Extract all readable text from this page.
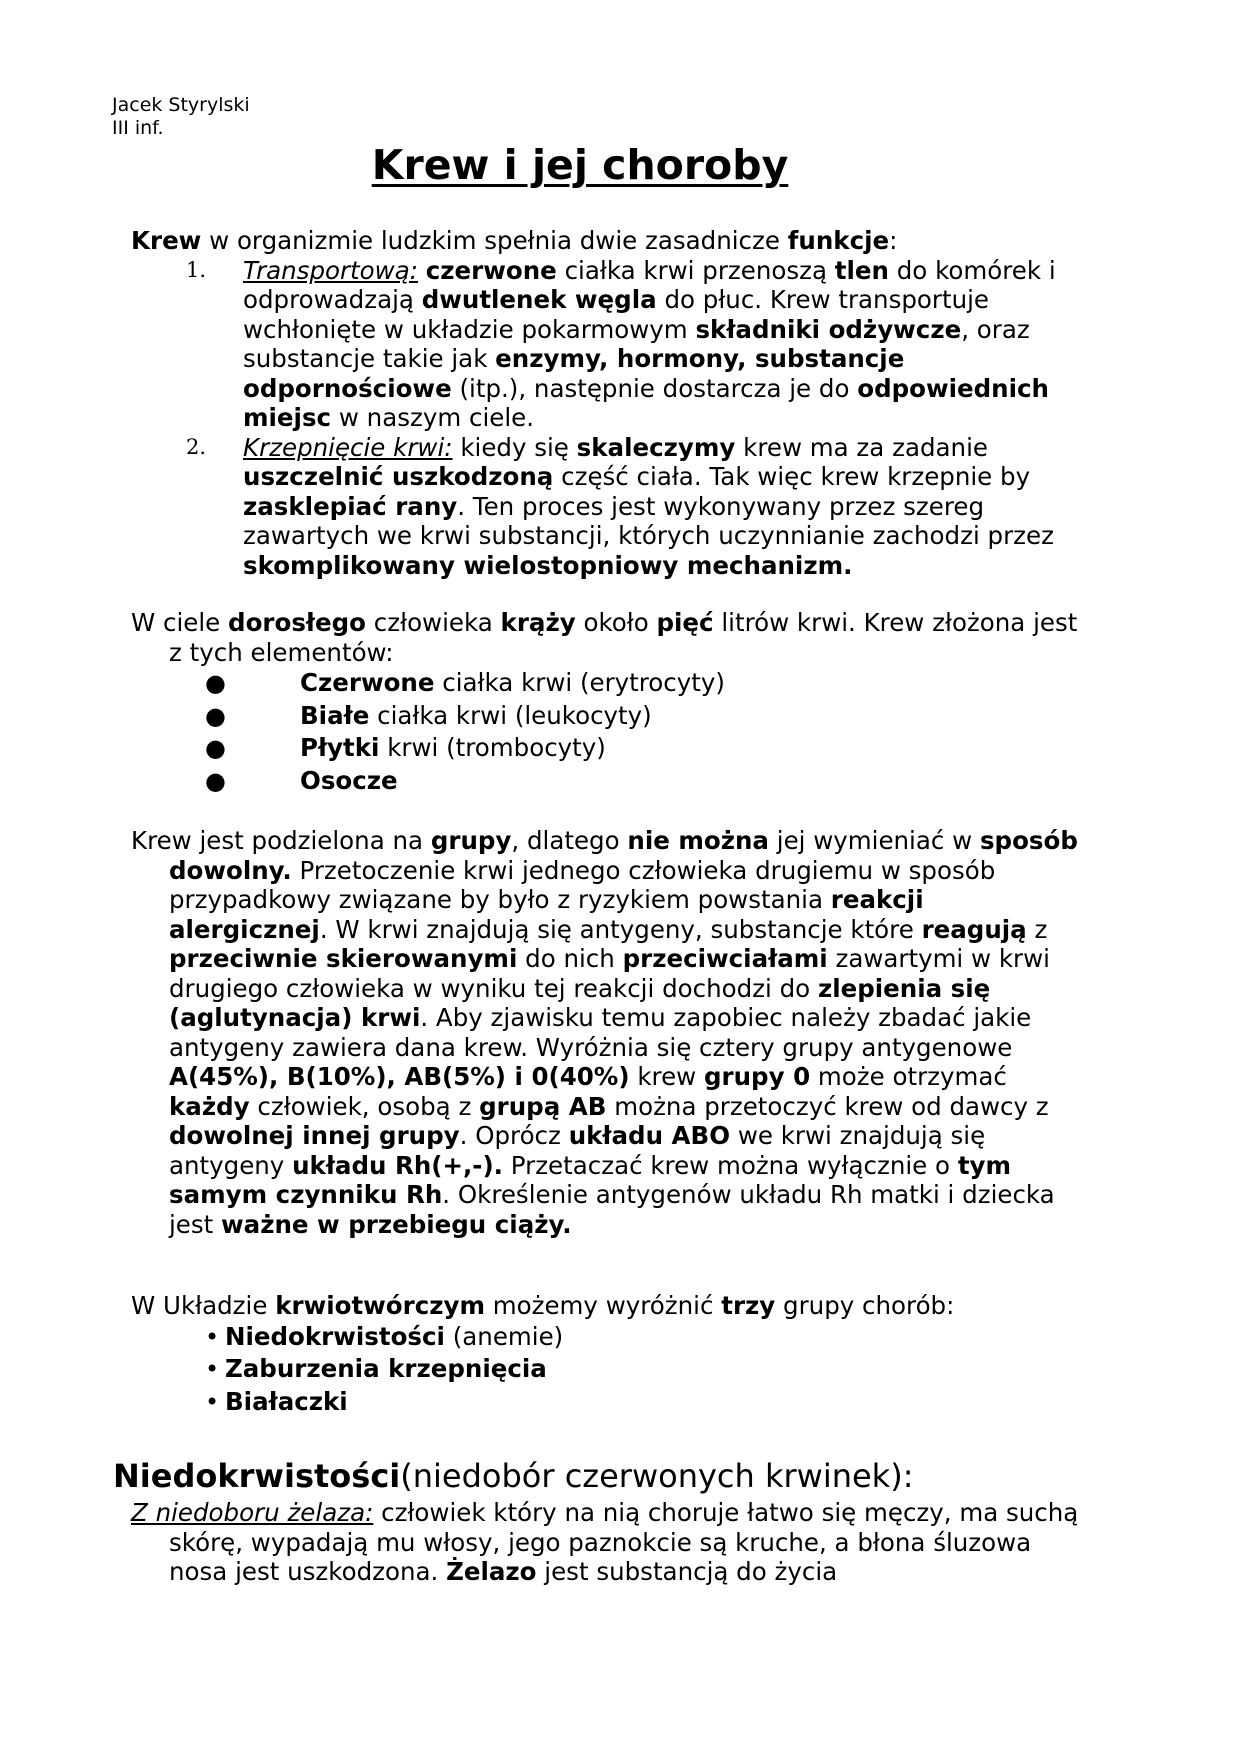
Jacek Styrylski
III inf.
Krew i jej choroby

Krew w organizmie ludzkim spełnia dwie zasadnicze funkcje:

1. Transportową: czerwone ciałka krwi przenoszą tlen do komórek i odprowadzają dwutlenek węgla do płuc. Krew transportuje wchłonięte w układzie pokarmowym składniki odżywcze, oraz substancje takie jak enzymy, hormony, substancje odpornościowe (itp.), następnie dostarcza je do odpowiednich miejsc w naszym ciele.
2. Krzepnięcie krwi: kiedy się skaleczymy krew ma za zadanie uszczelnić uszkodzoną część ciała. Tak więc krew krzepnie by zasklepiać rany. Ten proces jest wykonywany przez szereg zawartych we krwi substancji, których uczynnianie zachodzi przez skomplikowany wielostopniowy mechanizm.

W ciele dorosłego człowieka krąży około pięć litrów krwi. Krew złożona jest z tych elementów:

●	Czerwone ciałka krwi (erytrocyty)
●	Białe ciałka krwi (leukocyty)
●	Płytki krwi (trombocyty)
●	Osocze

Krew jest podzielona na grupy, dlatego nie można jej wymieniać w sposób dowolny. Przetoczenie krwi jednego człowieka drugiemu w sposób przypadkowy związane by było z ryzykiem powstania reakcji alergicznej. W krwi znajdują się antygeny, substancje które reagują z przeciwnie skierowanymi do nich przeciwciałami zawartymi w krwi drugiego człowieka w wyniku tej reakcji dochodzi do zlepienia się (aglutynacja) krwi. Aby zjawisku temu zapobiec należy zbadać jakie antygeny zawiera dana krew. Wyróżnia się cztery grupy antygenowe A(45%), B(10%), AB(5%) i 0(40%) krew grupy 0 może otrzymać każdy człowiek, osobą z grupą AB można przetoczyć krew od dawcy z dowolnej innej grupy. Oprócz układu ABO we krwi znajdują się antygeny układu Rh(+,-). Przetaczać krew można wyłącznie o tym samym czynniku Rh. Określenie antygenów układu Rh matki i dziecka jest ważne w przebiegu ciąży.

W Układzie krwiotwórczym możemy wyróżnić trzy grupy chorób:

• Niedokrwistości (anemie)
• Zaburzenia krzepnięcia
• Białaczki
Niedokrwistości(niedobór czerwonych krwinek):

Z niedoboru żelaza: człowiek który na nią choruje łatwo się męczy, ma suchą skórę, wypadają mu włosy, jego paznokcie są kruche, a błona śluzowa nosa jest uszkodzona. Żelazo jest substancją do życia
